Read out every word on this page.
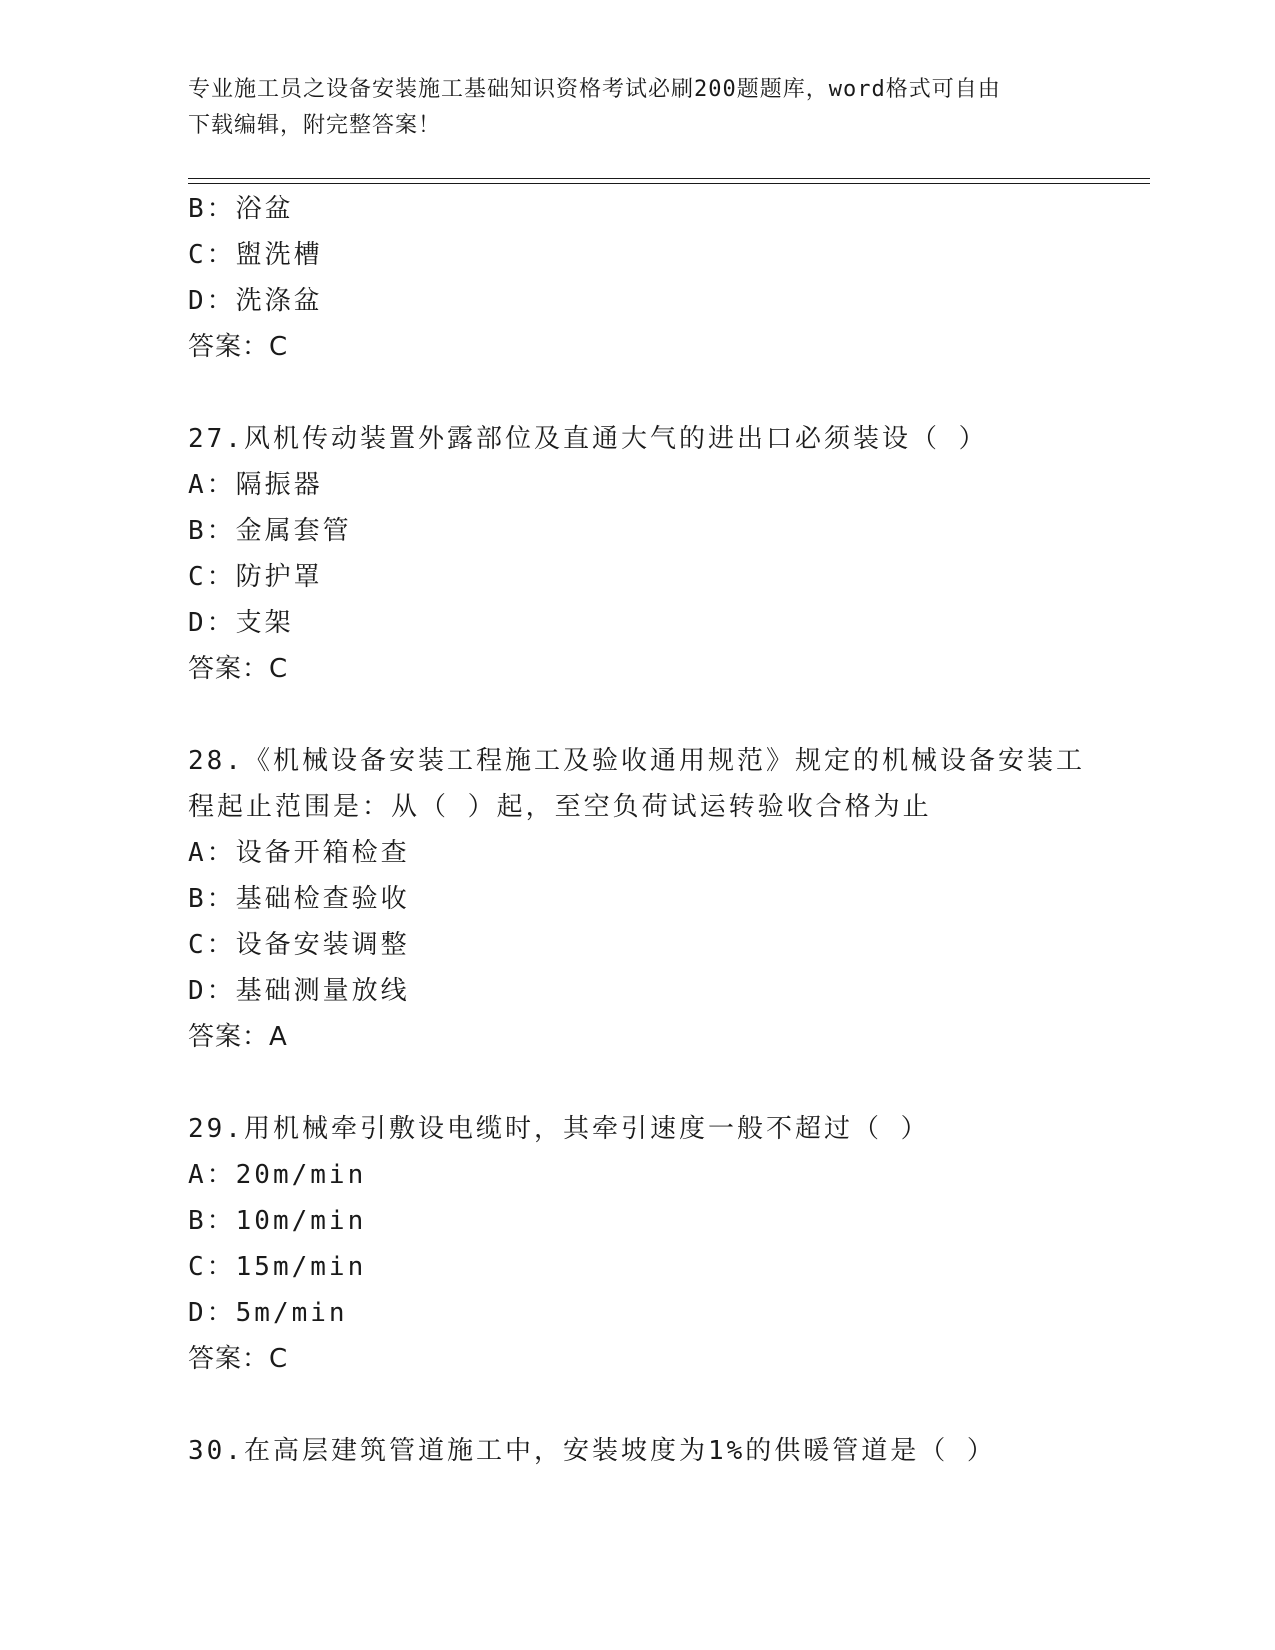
专业施工员之设备安装施工基础知识资格考试必刷200题题库，word格式可自由
下载编辑，附完整答案！
B：浴盆
C：盥洗槽
D：洗涤盆
答案：C
27.风机传动装置外露部位及直通大气的进出口必须装设（ ）
A：隔振器
B：金属套管
C：防护罩
D：支架
答案：C
28.《机械设备安装工程施工及验收通用规范》规定的机械设备安装工
程起止范围是：从（ ）起，至空负荷试运转验收合格为止
A：设备开箱检查
B：基础检查验收
C：设备安装调整
D：基础测量放线
答案：A
29.用机械牵引敷设电缆时，其牵引速度一般不超过（ ）
A：20m/min
B：10m/min
C：15m/min
D：5m/min
答案：C
30.在高层建筑管道施工中，安装坡度为1%的供暖管道是（ ）
